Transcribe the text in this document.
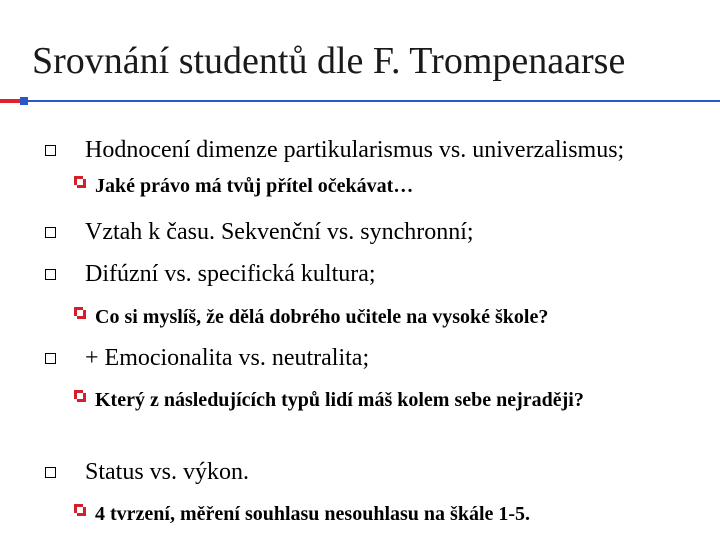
Srovnání studentů dle F. Trompenaarse
Hodnocení dimenze partikularismus vs. univerzalismus;
Jaké právo má tvůj přítel očekávat…
Vztah k času. Sekvenční vs. synchronní;
Difúzní vs. specifická kultura;
Co si myslíš, že dělá dobrého učitele na vysoké škole?
+ Emocionalita vs. neutralita;
Který z následujících typů lidí máš kolem sebe nejraději?
Status vs. výkon.
4 tvrzení, měření souhlasu nesouhlasu na škále 1-5.
